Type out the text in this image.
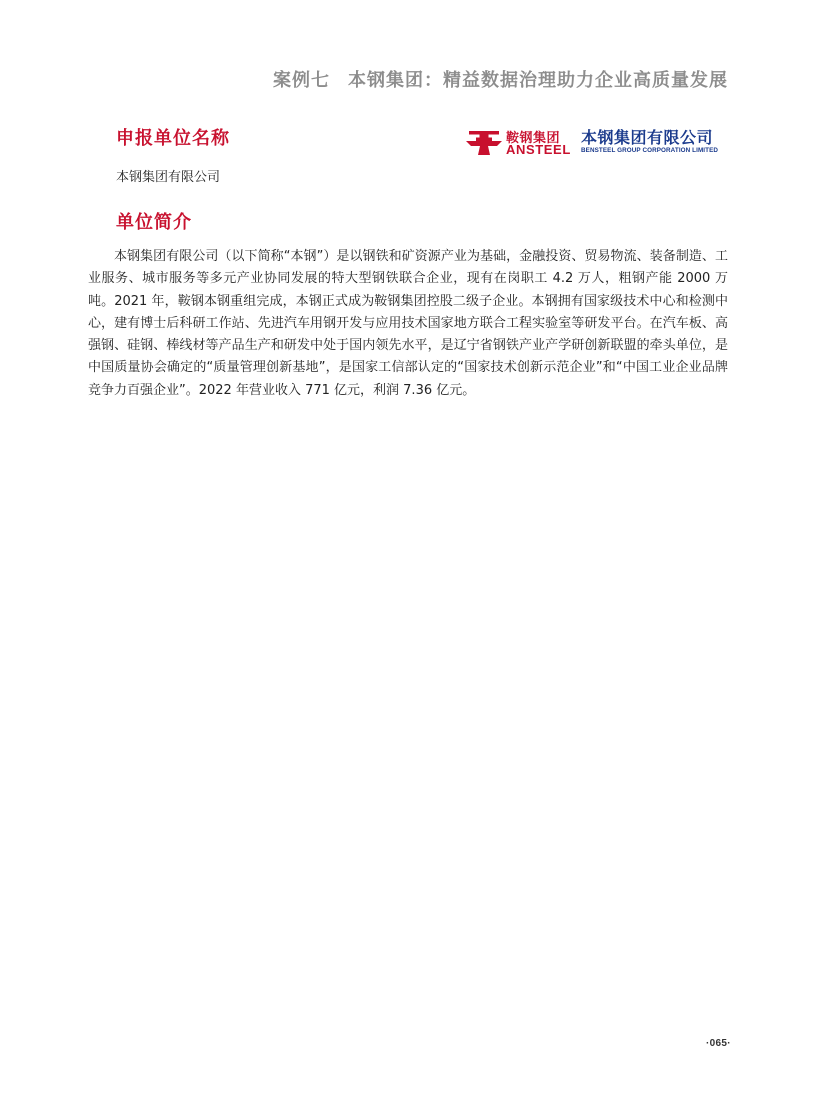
案例七 本钢集团：精益数据治理助力企业高质量发展
申报单位名称	鞍钢集团
ANSTEEL
本钢集团有限公司
BENSTEEL GROUP CORPORATION LIMITED
本钢集团有限公司
单位简介

本钢集团有限公司（以下简称“本钢”）是以钢铁和矿资源产业为基础，金融投资、贸易物流、装备制造、工业服务、城市服务等多元产业协同发展的特大型钢铁联合企业，现有在岗职工 4.2 万人，粗钢产能 2000 万吨。2021 年，鞍钢本钢重组完成，本钢正式成为鞍钢集团控股二级子企业。本钢拥有国家级技术中心和检测中心，建有博士后科研工作站、先进汽车用钢开发与应用技术国家地方联合工程实验室等研发平台。在汽车板、高强钢、硅钢、棒线材等产品生产和研发中处于国内领先水平，是辽宁省钢铁产业产学研创新联盟的牵头单位，是中国质量协会确定的“质量管理创新基地”，是国家工信部认定的“国家技术创新示范企业”和“中国工业企业品牌竞争力百强企业”。2022 年营业收入 771 亿元，利润 7.36 亿元。

·065·
